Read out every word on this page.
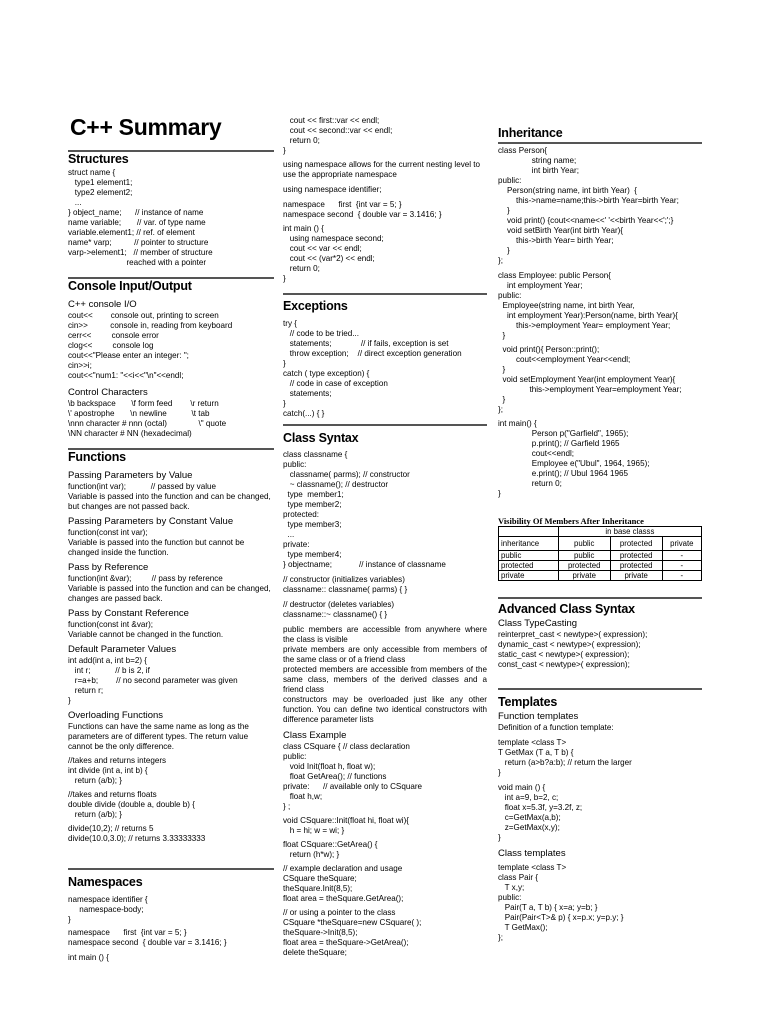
C++ Summary
Structures
struct name {
type1 element1;
type2 element2;
...
} object_name;      // instance of name
name variable;       // var. of type name
variable.element1; // ref. of element
name* varp;          // pointer to structure
varp->element1;   // member of structure
reached with a pointer
Console Input/Output
C++ console I/O
cout<<        console out, printing to screen
cin>>          console in, reading from keyboard
cerr<<         console error
clog<<         console log
cout<<"Please enter an integer: ";
cin>>i;
cout<<"num1: "<<i<<"\n"<<endl;
Control Characters
\b backspace       \f form feed        \r return
\' apostrophe       \n newline           \t tab
\nnn character # nnn (octal)              \" quote
\NN character # NN (hexadecimal)
Functions
Passing Parameters by Value
function(int var);           // passed by value

Variable is passed into the function and can be changed, but changes are not passed back.

Passing Parameters by Constant Value
function(const int var);

Variable is passed into the function but cannot be changed inside the function.

Pass by Reference
function(int &var);         // pass by reference

Variable is passed into the function and can be changed, changes are passed back.

Pass by Constant Reference
function(const int &var);

Variable cannot be changed in the function.

Default Parameter Values
int add(int a, int b=2) {
int r;           // b is 2, if
r=a+b;        // no second parameter was given
return r;
}
Overloading Functions

Functions can have the same name as long as the parameters are of different types. The return value cannot be the only difference.

//takes and returns integers
int divide (int a, int b) {
return (a/b); }
//takes and returns floats
double divide (double a, double b) {
return (a/b); }
divide(10,2); // returns 5
divide(10.0,3.0); // returns 3.33333333
Namespaces
namespace identifier {
namespace-body;
}
namespace      first  {int var = 5; }
namespace second  { double var = 3.1416; }
int main () {
cout << first::var << endl;
cout << second::var << endl;
return 0;
}

using namespace allows for the current nesting level to use the appropriate namespace

using namespace identifier;

namespace      first  {int var = 5; }
namespace second  { double var = 3.1416; }
int main () {
using namespace second;
cout << var << endl;
cout << (var*2) << endl;
return 0;
}
Exceptions
try {
// code to be tried...
statements;             // if fails, exception is set
throw exception;    // direct exception generation
}
catch ( type exception) {
// code in case of exception
statements;
}
catch(...) { }
Class Syntax
class classname {
public:
classname( parms); // constructor
~ classname(); // destructor
type  member1;
type member2;
protected:
type member3;
...
private:
type member4;
} objectname;            // instance of classname
// constructor (initializes variables)
classname:: classname( parms) { }
// destructor (deletes variables)
classname::~ classname() { }

public members are accessible from anywhere where the class is visible
private members are only accessible from members of the same class or of a friend class
protected members are accessible from members of the same class, members of the derived classes and a friend class
constructors may be overloaded just like any other function. You can define two identical constructors with difference parameter lists

Class Example
class CSquare { // class declaration
public:
void Init(float h, float w);
float GetArea(); // functions
private:      // available only to CSquare
float h,w;
} ;
void CSquare::Init(float hi, float wi){
h = hi; w = wi; }
float CSquare::GetArea() {
return (h*w); }
// example declaration and usage
CSquare theSquare;
theSquare.Init(8,5);
float area = theSquare.GetArea();
// or using a pointer to the class
CSquare *theSquare=new CSquare( );
theSquare->Init(8,5);
float area = theSquare->GetArea();
delete theSquare;
Inheritance
class Person{
string name;
int birth Year;
public:
Person(string name, int birth Year)  {
this->name=name;this->birth Year=birth Year;
}
void print() {cout<<name<<' '<<birth Year<<';';}
void setBirth Year(int birth Year){
this->birth Year= birth Year;
}
};
class Employee: public Person{
int employment Year;
public:
Employee(string name, int birth Year,
int employment Year):Person(name, birth Year){
this->employment Year= employment Year;
}
void print(){ Person::print();
cout<<employment Year<<endl;
}
void setEmployment Year(int employment Year){
this->employment Year=employment Year;
}
};
int main() {
Person p("Garfield", 1965);
p.print(); // Garfield 1965
cout<<endl;
Employee e("Ubul", 1964, 1965);
e.print(); // Ubul 1964 1965
return 0;
}

Visibility Of Members After Inheritance

	in base classs		
inheritance	public	protected	private
public	public	protected	-
protected	protected	protected	-
private	private	private	-
Advanced Class Syntax
Class TypeCasting
reinterpret_cast < newtype>( expression);
dynamic_cast < newtype>( expression);
static_cast < newtype>( expression);
const_cast < newtype>( expression);
Templates
Function templates

Definition of a function template:

template <class T>
T GetMax (T a, T b) {
return (a>b?a:b); // return the larger
}
void main () {
int a=9, b=2, c;
float x=5.3f, y=3.2f, z;
c=GetMax(a,b);
z=GetMax(x,y);
}
Class templates
template <class T>
class Pair {
T x,y;
public:
Pair(T a, T b) { x=a; y=b; }
Pair(Pair<T>& p) { x=p.x; y=p.y; }
T GetMax();
};
